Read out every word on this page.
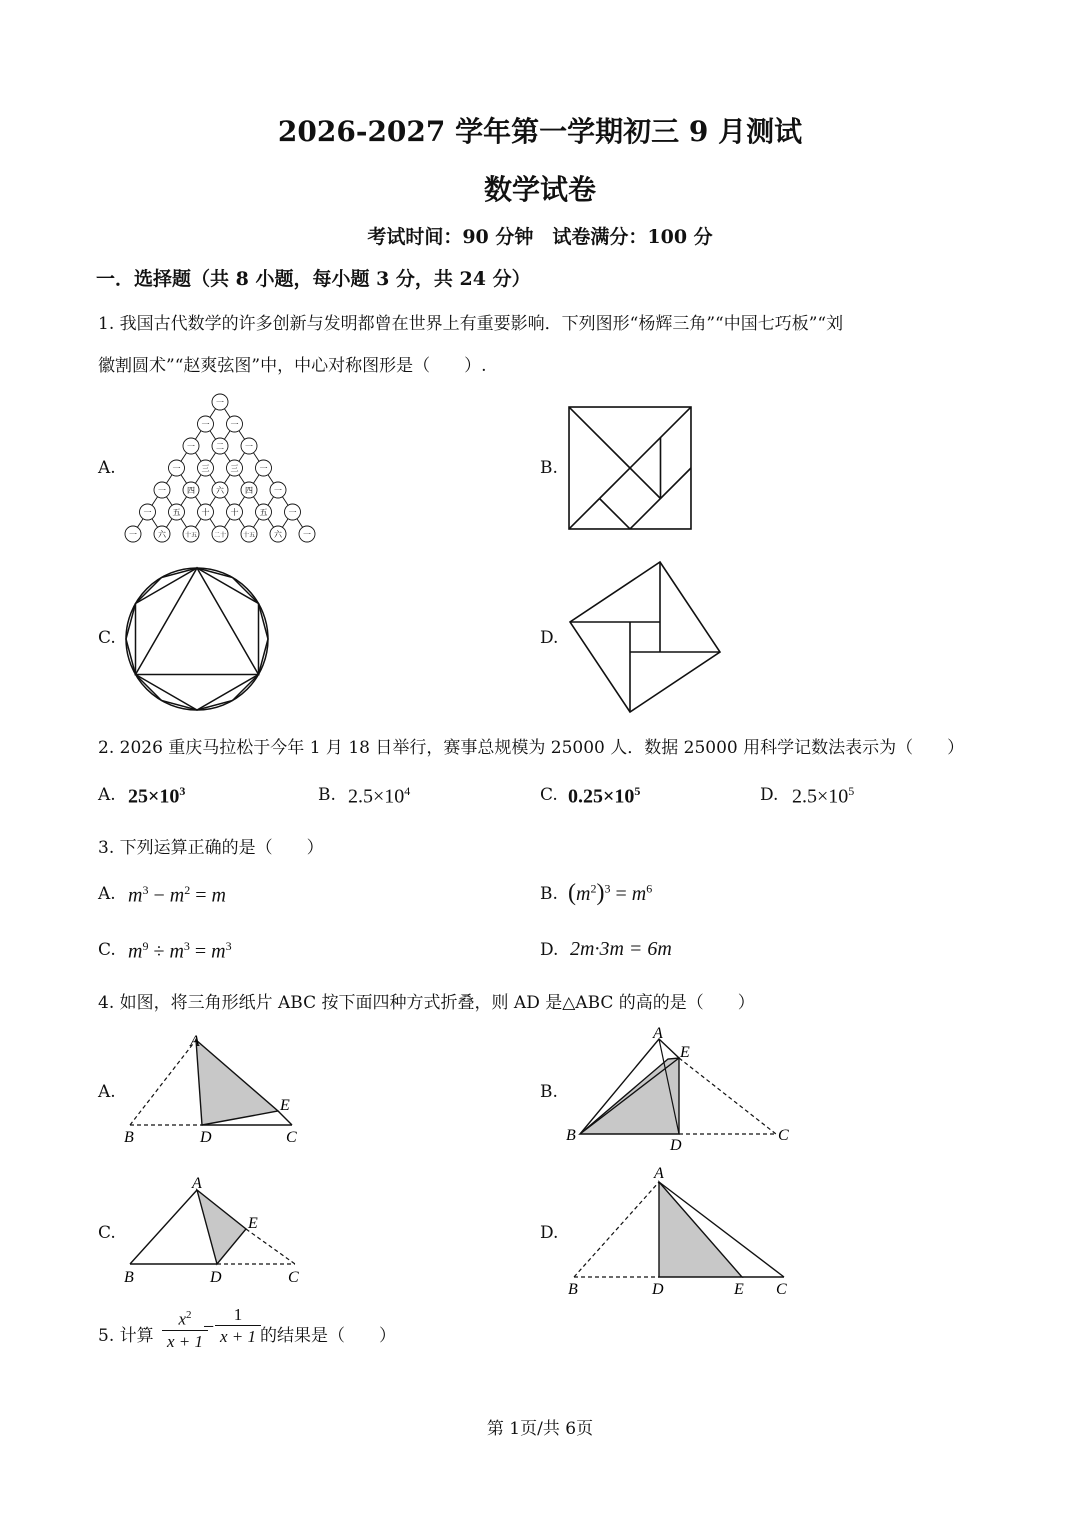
2026-2027 学年第一学期初三 9 月测试
数学试卷
考试时间：90 分钟　试卷满分：100 分
一．选择题（共 8 小题，每小题 3 分，共 24 分）
1. 我国古代数学的许多创新与发明都曾在世界上有重要影响．下列图形“杨辉三角”“中国七巧板”“刘
徽割圆术”“赵爽弦图”中，中心对称图形是（　　）.
A.	B.
C.	D.
一
一	一
一	二	一
一	三	三	一
一	四	六	四	一
一	五	十	十	五	一
一	六	十五	二十	十五 六	一
2. 2026 重庆马拉松于今年 1 月 18 日举行，赛事总规模为 25000 人．数据 25000 用科学记数法表示为（　　）
A. $25\times 10^3$	B. $2.5\times 10^4$	C. $0.25\times 10^5$	D. $2.5\times 10^5$
3. 下列运算正确的是（　　）
A. $m^3 - m^2 = m$	B. $(m^2)^3 = m^6$
C. $m^9 \div m^3 = m^3$	D. 2m·3m = 6m
4. 如图，将三角形纸片 ABC 按下面四种方式折叠，则 AD 是△ABC 的高的是（　　）
A.	B.
C.	D.
A
B	D	C
E
A
E
B
D
C
A
E
B	D	C
A
B	D	E C
5. 计算
$x^2$
x + 1
−
1
x + 1 的结果是（　　）
第 1页/共 6页
